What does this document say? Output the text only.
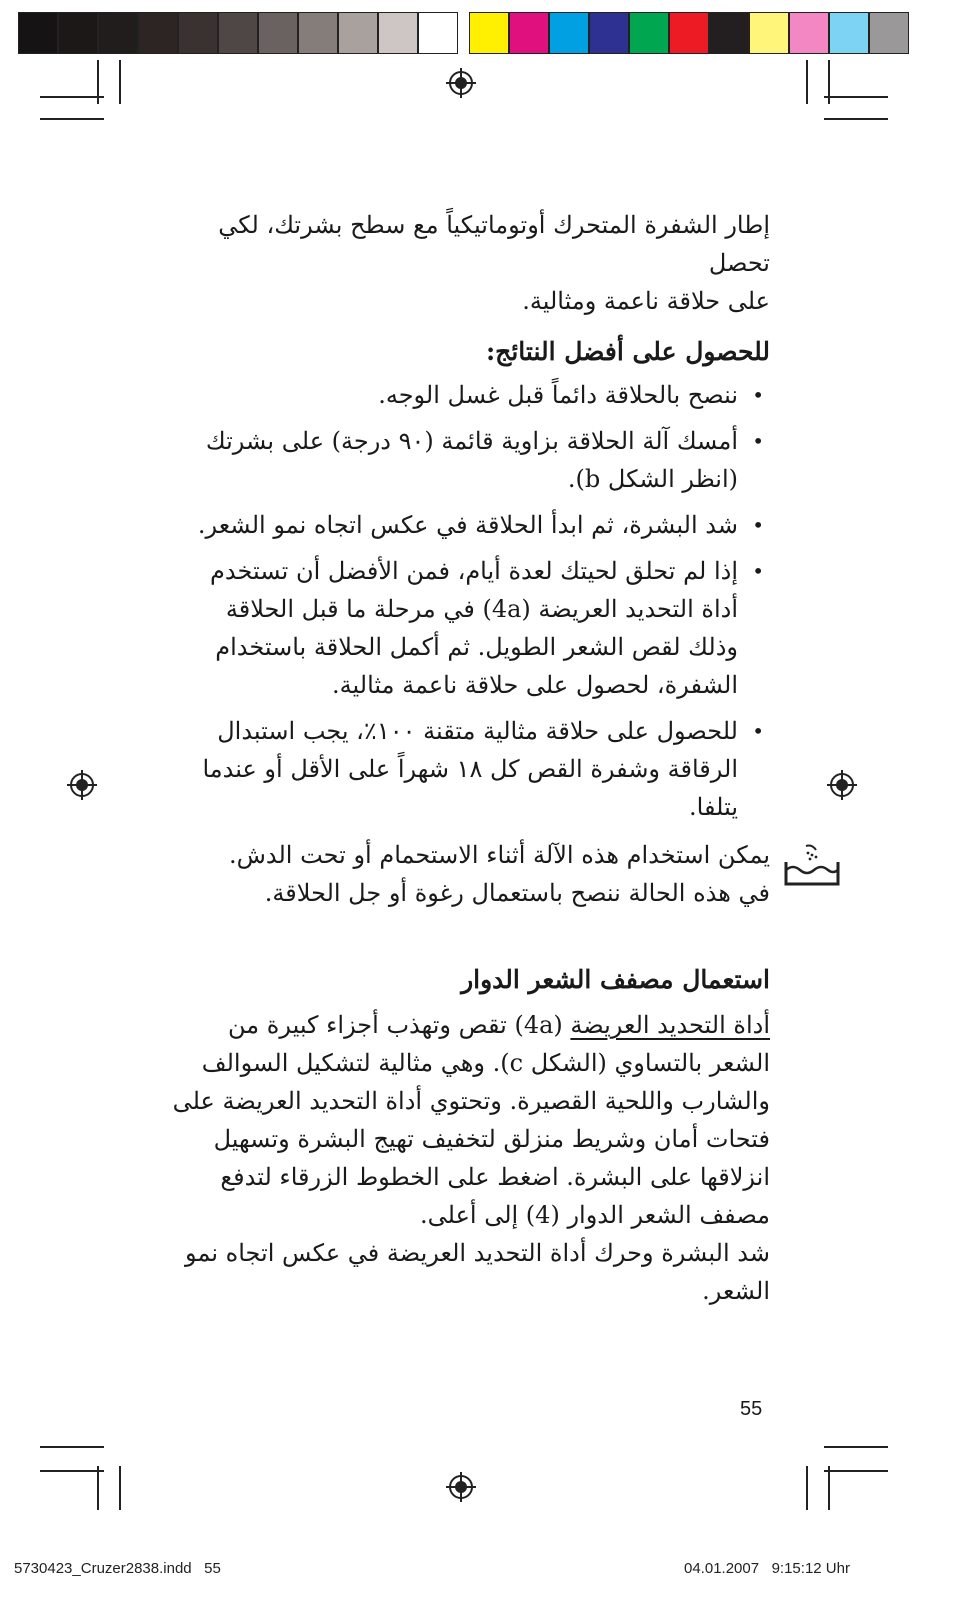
إطار الشفرة المتحرك أوتوماتيكياً مع سطح بشرتك، لكي تحصل

على حلاقة ناعمة ومثالية.

للحصول على أفضل النتائج:
•
ننصح بالحلاقة دائماً قبل غسل الوجه.
•
أمسك آلة الحلاقة بزاوية قائمة (٩٠ درجة) على بشرتك (انظر الشكل b).
•
شد البشرة، ثم ابدأ الحلاقة في عكس اتجاه نمو الشعر.
•
إذا لم تحلق لحيتك لعدة أيام، فمن الأفضل أن تستخدم أداة التحديد العريضة (4a) في مرحلة ما قبل الحلاقة وذلك لقص الشعر الطويل. ثم أكمل الحلاقة باستخدام الشفرة، لحصول على حلاقة ناعمة مثالية.
•
للحصول على حلاقة مثالية متقنة ١٠٠٪، يجب استبدال الرقاقة وشفرة القص كل ١٨ شهراً على الأقل أو عندما يتلفا.

يمكن استخدام هذه الآلة أثناء الاستحمام أو تحت الدش.

في هذه الحالة ننصح باستعمال رغوة أو جل الحلاقة.

استعمال مصفف الشعر الدوار

أداة التحديد العريضة (4a) تقص وتهذب أجزاء كبيرة من الشعر بالتساوي (الشكل c). وهي مثالية لتشكيل السوالف والشارب واللحية القصيرة. وتحتوي أداة التحديد العريضة على فتحات أمان وشريط منزلق لتخفيف تهيج البشرة وتسهيل انزلاقها على البشرة. اضغط على الخطوط الزرقاء لتدفع مصفف الشعر الدوار (4) إلى أعلى.

شد البشرة وحرك أداة التحديد العريضة في عكس اتجاه نمو الشعر.

55
5730423_Cruzer2838.indd   55	04.01.2007   9:15:12 Uhr
